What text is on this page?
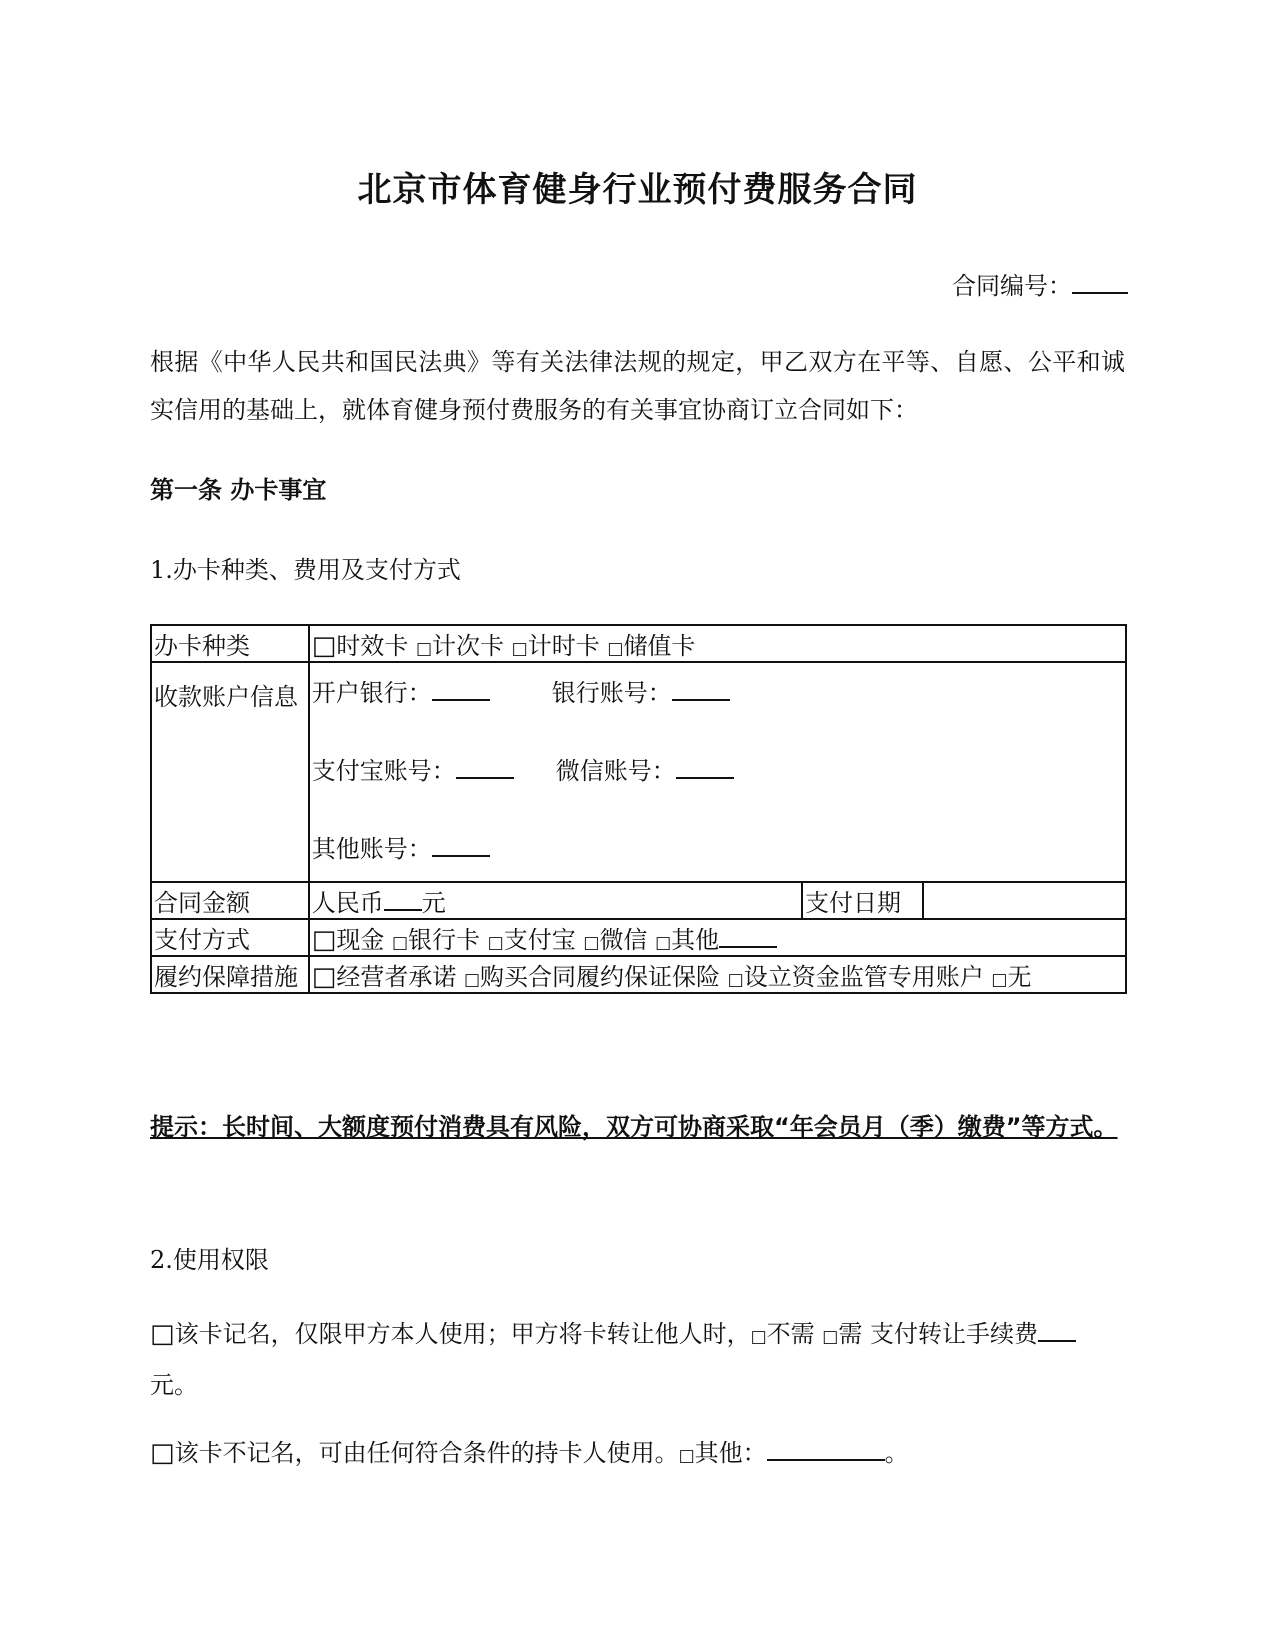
北京市体育健身行业预付费服务合同
合同编号：
根据《中华人民共和国民法典》等有关法律法规的规定，甲乙双方在平等、自愿、公平和诚实信用的基础上，就体育健身预付费服务的有关事宜协商订立合同如下：
第一条 办卡事宜
1.办卡种类、费用及支付方式
办卡种类	□时效卡 □计次卡 □计时卡 □储值卡		
收款账户信息	开户银行： 银行账号：
支付宝账号： 微信账号：
其他账号：		

合同金额	人民币 元	支付日期	
支付方式	□现金 □银行卡 □支付宝 □微信 □其他		
履约保障措施	□经营者承诺 □购买合同履约保证保险 □设立资金监管专用账户 □无		
提示：长时间、大额度预付消费具有风险，双方可协商采取“年会员月（季）缴费”等方式。
2.使用权限
□该卡记名，仅限甲方本人使用；甲方将卡转让他人时，□不需 □需 支付转让手续费元。
□该卡不记名，可由任何符合条件的持卡人使用。□其他：	。
